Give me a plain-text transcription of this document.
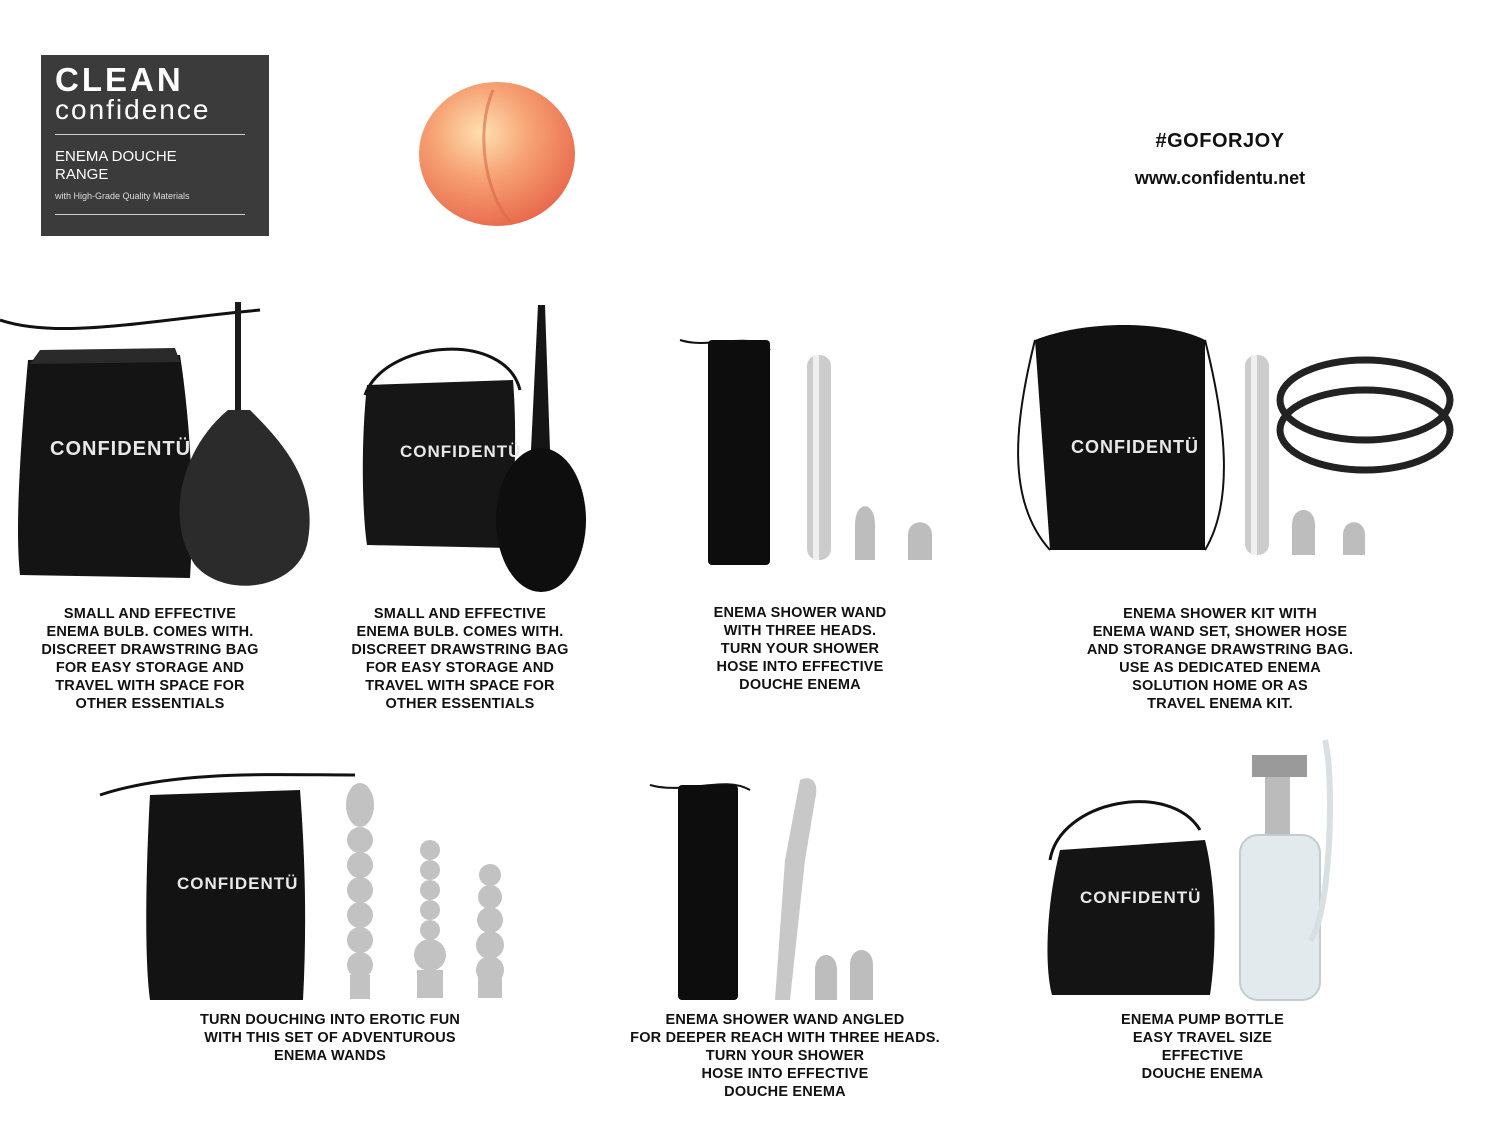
CLEAN
confidence
ENEMA DOUCHE RANGE
with High-Grade Quality Materials
#GOFORJOY
www.confidentu.net
CONFIDENTÜ	CONFIDENTÜ	CONFIDENTÜ
CONFIDENTÜ
CONFIDENTÜ
SMALL AND EFFECTIVE
ENEMA BULB. COMES WITH.
DISCREET DRAWSTRING BAG
FOR EASY STORAGE AND
TRAVEL WITH SPACE FOR
OTHER ESSENTIALS
SMALL AND EFFECTIVE
ENEMA BULB. COMES WITH.
DISCREET DRAWSTRING BAG
FOR EASY STORAGE AND
TRAVEL WITH SPACE FOR
OTHER ESSENTIALS
ENEMA SHOWER WAND
WITH THREE HEADS.
TURN YOUR SHOWER
HOSE INTO EFFECTIVE
DOUCHE ENEMA
ENEMA SHOWER KIT WITH
ENEMA WAND SET, SHOWER HOSE
AND STORANGE DRAWSTRING BAG.
USE AS DEDICATED ENEMA
SOLUTION HOME OR AS
TRAVEL ENEMA KIT.
TURN DOUCHING INTO EROTIC FUN
WITH THIS SET OF ADVENTUROUS
ENEMA WANDS
ENEMA SHOWER WAND ANGLED
FOR DEEPER REACH WITH THREE HEADS.
TURN YOUR SHOWER
HOSE INTO EFFECTIVE
DOUCHE ENEMA
ENEMA PUMP BOTTLE
EASY TRAVEL SIZE
EFFECTIVE
DOUCHE ENEMA
